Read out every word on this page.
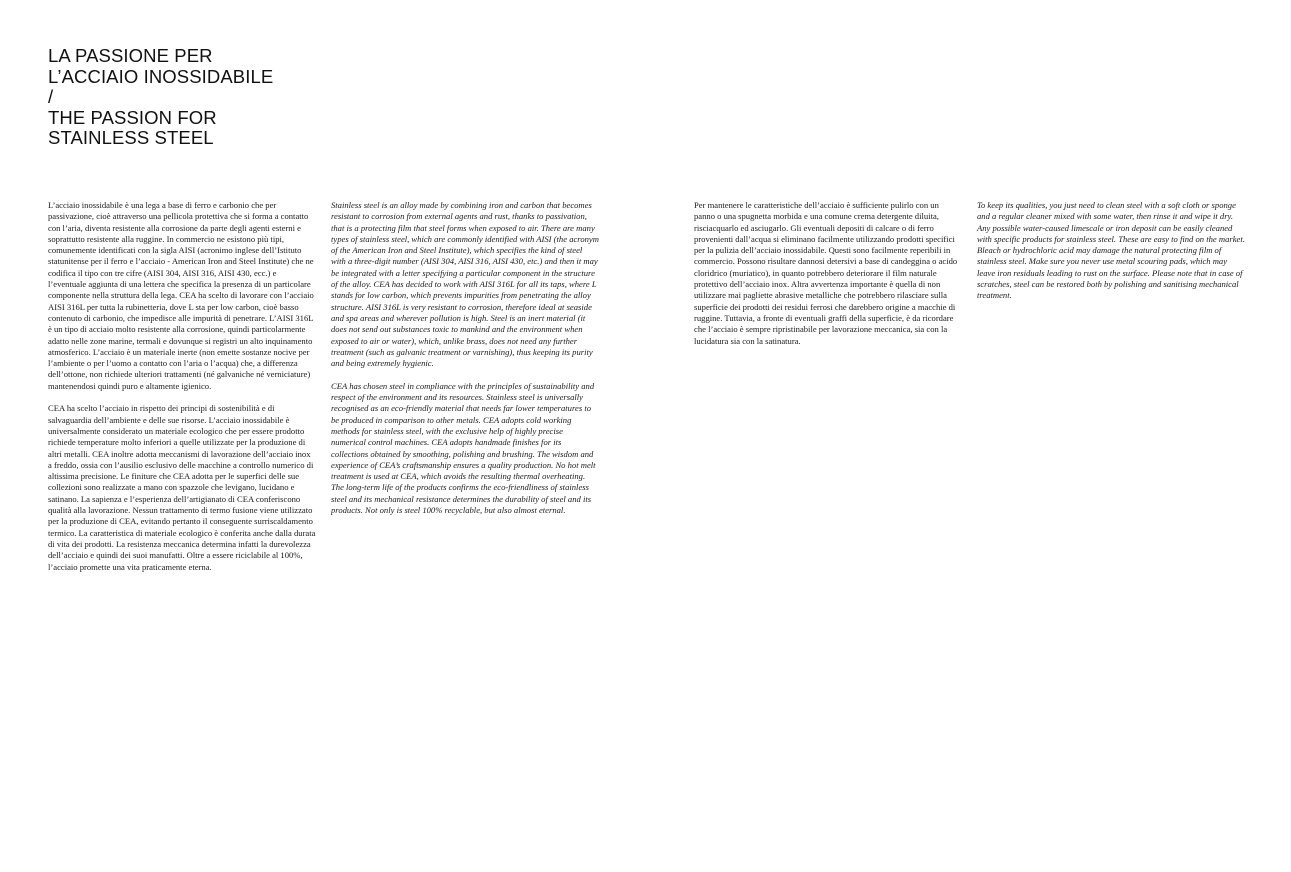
LA PASSIONE PER
L’ACCIAIO INOSSIDABILE
/
THE PASSION FOR
STAINLESS STEEL

L’acciaio inossidabile è una lega a base di ferro e carbonio che per passivazione, cioè attraverso una pellicola protettiva che si forma a contatto con l’aria, diventa resistente alla corrosione da parte degli agenti esterni e soprattutto resistente alla ruggine. In commercio ne esistono più tipi, comunemente identificati con la sigla AISI (acronimo inglese dell’Istituto statunitense per il ferro e l’acciaio - American Iron and Steel Institute) che ne codifica il tipo con tre cifre (AISI 304, AISI 316, AISI 430, ecc.) e l’eventuale aggiunta di una lettera che specifica la presenza di un particolare componente nella struttura della lega. CEA ha scelto di lavorare con l’acciaio AISI 316L per tutta la rubinetteria, dove L sta per low carbon, cioè basso contenuto di carbonio, che impedisce alle impurità di penetrare. L’AISI 316L è un tipo di acciaio molto resistente alla corrosione, quindi particolarmente adatto nelle zone marine, termali e dovunque si registri un alto inquinamento atmosferico. L’acciaio è un materiale inerte (non emette sostanze nocive per l’ambiente o per l’uomo a contatto con l’aria o l’acqua) che, a differenza dell’ottone, non richiede ulteriori trattamenti (né galvaniche né verniciature) mantenendosi quindi puro e altamente igienico.

CEA ha scelto l’acciaio in rispetto dei principi di sostenibilità e di salvaguardia dell’ambiente e delle sue risorse. L’acciaio inossidabile è universalmente considerato un materiale ecologico che per essere prodotto richiede temperature molto inferiori a quelle utilizzate per la produzione di altri metalli. CEA inoltre adotta meccanismi di lavorazione dell’acciaio inox a freddo, ossia con l’ausilio esclusivo delle macchine a controllo numerico di altissima precisione. Le finiture che CEA adotta per le superfici delle sue collezioni sono realizzate a mano con spazzole che levigano, lucidano e satinano. La sapienza e l’esperienza dell’artigianato di CEA conferiscono qualità alla lavorazione. Nessun trattamento di termo fusione viene utilizzato per la produzione di CEA, evitando pertanto il conseguente surriscaldamento termico. La caratteristica di materiale ecologico è conferita anche dalla durata di vita dei prodotti. La resistenza meccanica determina infatti la durevolezza dell’acciaio e quindi dei suoi manufatti. Oltre a essere riciclabile al 100%, l’acciaio promette una vita praticamente eterna.

Stainless steel is an alloy made by combining iron and carbon that becomes resistant to corrosion from external agents and rust, thanks to passivation, that is a protecting film that steel forms when exposed to air. There are many types of stainless steel, which are commonly identified with AISI (the acronym of the American Iron and Steel Institute), which specifies the kind of steel with a three-digit number (AISI 304, AISI 316, AISI 430, etc.) and then it may be integrated with a letter specifying a particular component in the structure of the alloy. CEA has decided to work with AISI 316L for all its taps, where L stands for low carbon, which prevents impurities from penetrating the alloy structure. AISI 316L is very resistant to corrosion, therefore ideal at seaside and spa areas and wherever pollution is high. Steel is an inert material (it does not send out substances toxic to mankind and the environment when exposed to air or water), which, unlike brass, does not need any further treatment (such as galvanic treatment or varnishing), thus keeping its purity and being extremely hygienic.

CEA has chosen steel in compliance with the principles of sustainability and respect of the environment and its resources. Stainless steel is universally recognised as an eco-friendly material that needs far lower temperatures to be produced in comparison to other metals. CEA adopts cold working methods for stainless steel, with the exclusive help of highly precise numerical control machines. CEA adopts handmade finishes for its collections obtained by smoothing, polishing and brushing. The wisdom and experience of CEA’s craftsmanship ensures a quality production. No hot melt treatment is used at CEA, which avoids the resulting thermal overheating. The long-term life of the products confirms the eco-friendliness of stainless steel and its mechanical resistance determines the durability of steel and its products. Not only is steel 100% recyclable, but also almost eternal.

Per mantenere le caratteristiche dell’acciaio è sufficiente pulirlo con un panno o una spugnetta morbida e una comune crema detergente diluita, risciacquarlo ed asciugarlo. Gli eventuali depositi di calcare o di ferro provenienti dall’acqua si eliminano facilmente utilizzando prodotti specifici per la pulizia dell’acciaio inossidabile. Questi sono facilmente reperibili in commercio. Possono risultare dannosi detersivi a base di candeggina o acido cloridrico (muriatico), in quanto potrebbero deteriorare il film naturale protettivo dell’acciaio inox. Altra avvertenza importante è quella di non utilizzare mai pagliette abrasive metalliche che potrebbero rilasciare sulla superficie dei prodotti dei residui ferrosi che darebbero origine a macchie di ruggine. Tuttavia, a fronte di eventuali graffi della superficie, è da ricordare che l’acciaio è sempre ripristinabile per lavorazione meccanica, sia con la lucidatura sia con la satinatura.

To keep its qualities, you just need to clean steel with a soft cloth or sponge and a regular cleaner mixed with some water, then rinse it and wipe it dry. Any possible water-caused limescale or iron deposit can be easily cleaned with specific products for stainless steel. These are easy to find on the market. Bleach or hydrochloric acid may damage the natural protecting film of stainless steel. Make sure you never use metal scouring pads, which may leave iron residuals leading to rust on the surface. Please note that in case of scratches, steel can be restored both by polishing and sanitising mechanical treatment.
